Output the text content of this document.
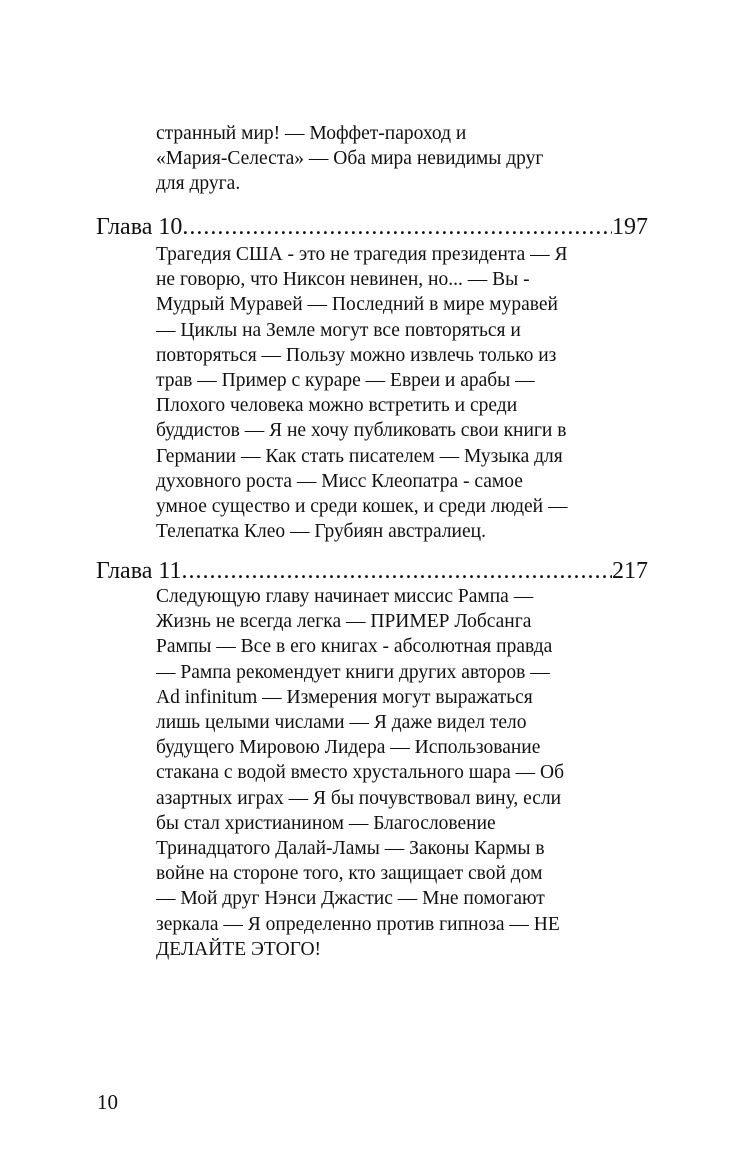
странный мир! — Моффет-пароход и
«Мария-Селеста» — Оба мира невидимы друг
для друга.
Глава 10 .....	197
Трагедия США - это не трагедия президента — Я
не говорю, что Никсон невинен, но... — Вы -
Мудрый Муравей — Последний в мире муравей
— Циклы на Земле могут все повторяться и
повторяться — Пользу можно извлечь только из
трав — Пример с кураре — Евреи и арабы —
Плохого человека можно встретить и среди
буддистов — Я не хочу публиковать свои книги в
Германии — Как стать писателем — Музыка для
духовного роста — Мисс Клеопатра - самое
умное существо и среди кошек, и среди людей —
Телепатка Клео — Грубиян австралиец.
Глава 11 .....	217
Следующую главу начинает миссис Рампа —
Жизнь не всегда легка — ПРИМЕР Лобсанга
Рампы — Все в его книгах - абсолютная правда
— Рампа рекомендует книги других авторов —
Ad infinitum — Измерения могут выражаться
лишь целыми числами — Я даже видел тело
будущего Мировою Лидера — Использование
стакана с водой вместо хрустального шара — Об
азартных играх — Я бы почувствовал вину, если
бы стал христианином — Благословение
Тринадцатого Далай-Ламы — Законы Кармы в
войне на стороне того, кто защищает свой дом
— Мой друг Нэнси Джастис — Мне помогают
зеркала — Я определенно против гипноза — НЕ
ДЕЛАЙТЕ ЭТОГО!
10
